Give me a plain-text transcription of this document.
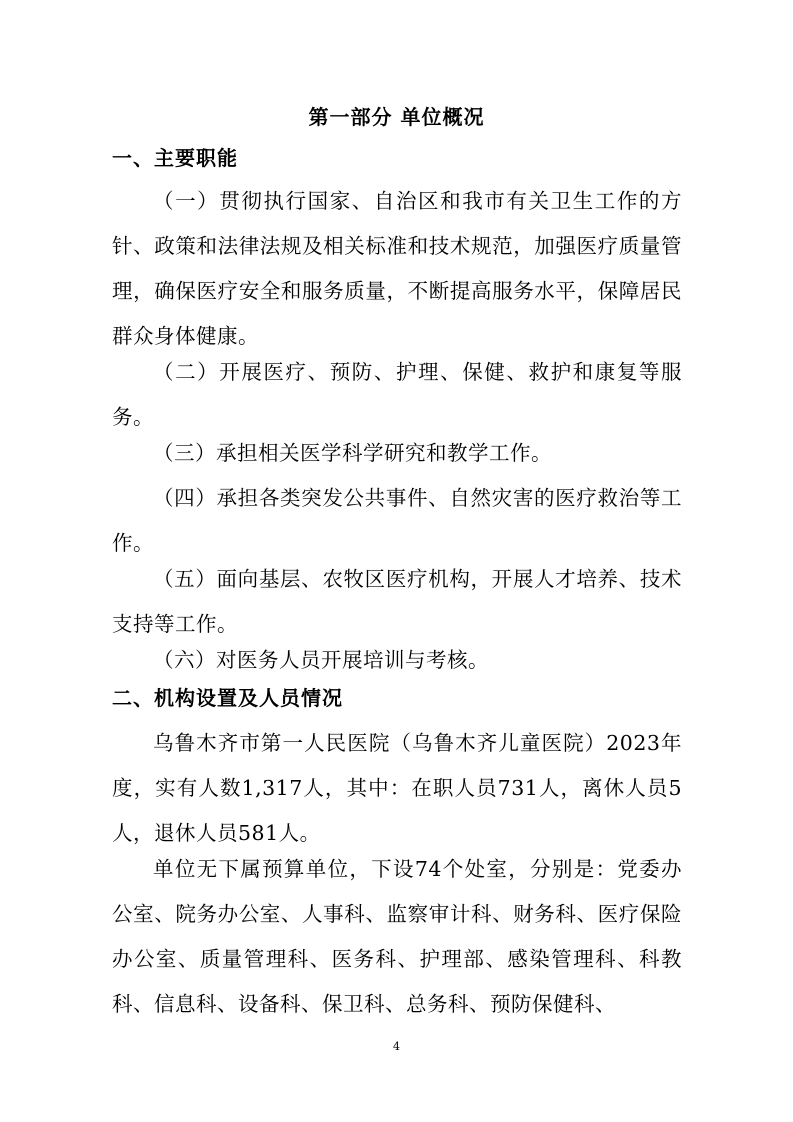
第一部分 单位概况
一、主要职能

（一）贯彻执行国家、自治区和我市有关卫生工作的方针、政策和法律法规及相关标准和技术规范，加强医疗质量管理，确保医疗安全和服务质量，不断提高服务水平，保障居民群众身体健康。

（二）开展医疗、预防、护理、保健、救护和康复等服务。

（三）承担相关医学科学研究和教学工作。

（四）承担各类突发公共事件、自然灾害的医疗救治等工作。

（五）面向基层、农牧区医疗机构，开展人才培养、技术支持等工作。

（六）对医务人员开展培训与考核。

二、机构设置及人员情况

乌鲁木齐市第一人民医院（乌鲁木齐儿童医院）2023年度，实有人数1,317人，其中：在职人员731人，离休人员5人，退休人员581人。

单位无下属预算单位，下设74个处室，分别是：党委办公室、院务办公室、人事科、监察审计科、财务科、医疗保险办公室、质量管理科、医务科、护理部、感染管理科、科教科、信息科、设备科、保卫科、总务科、预防保健科、

4
